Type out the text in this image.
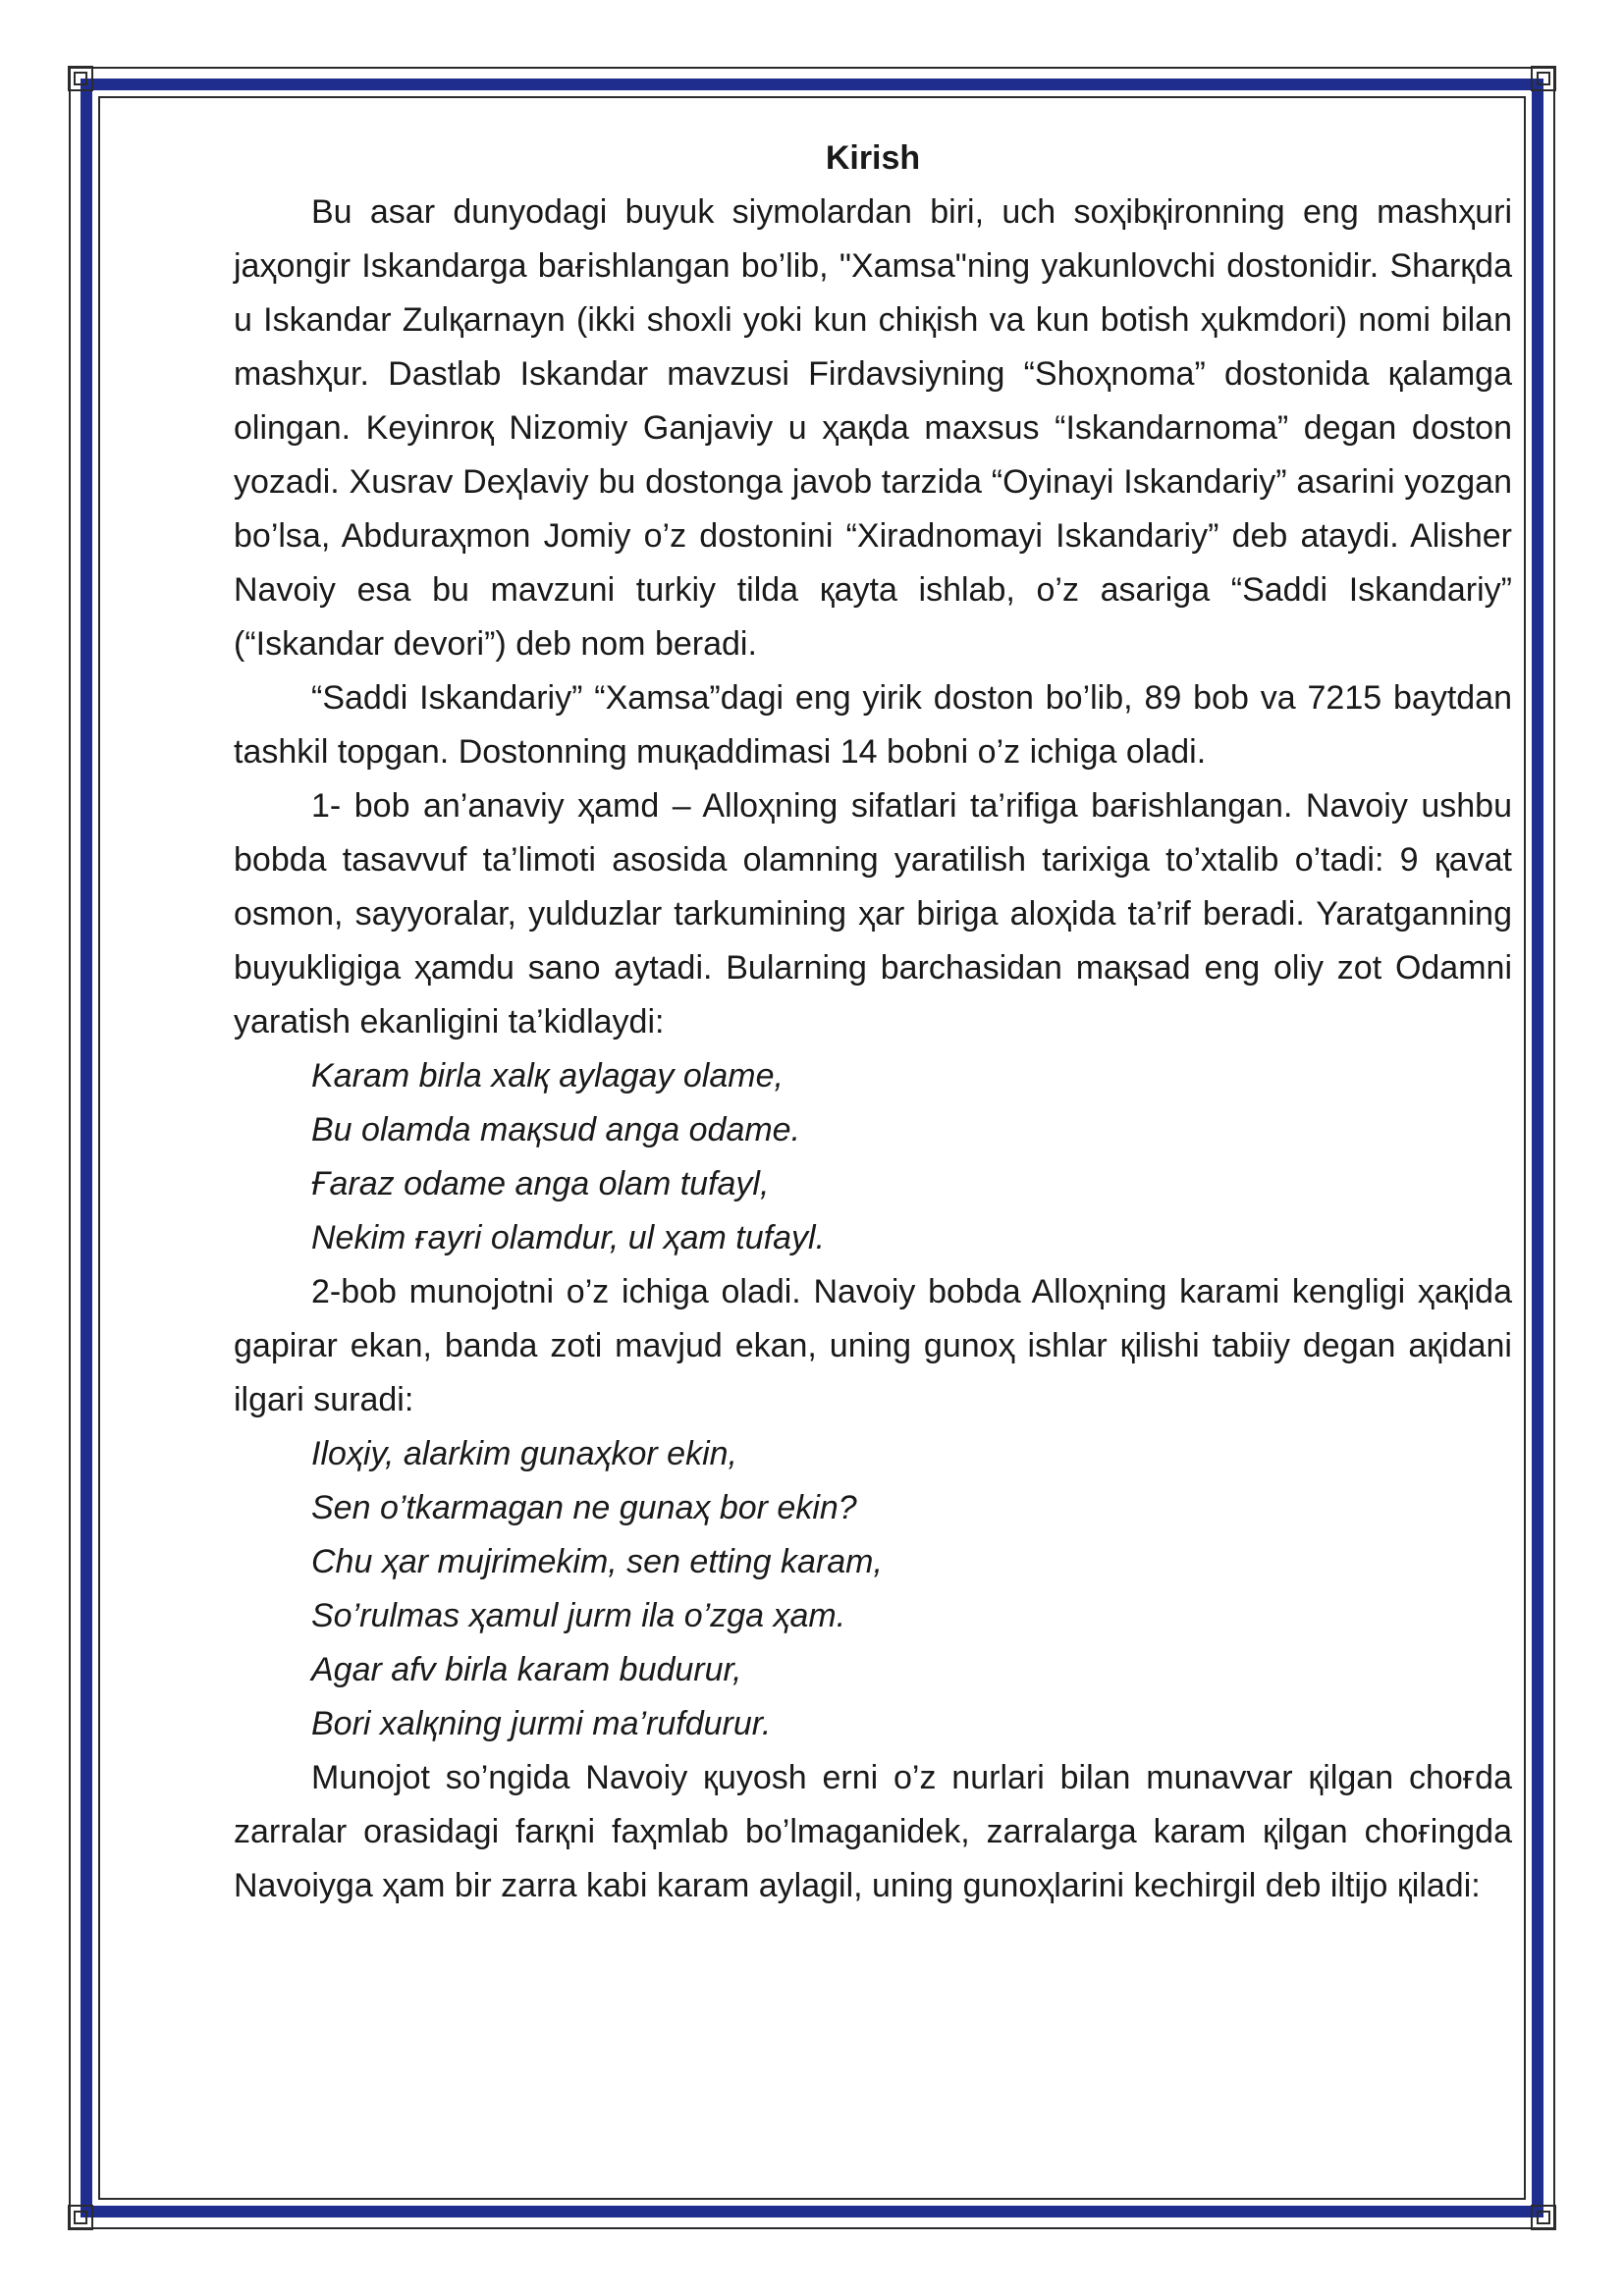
Kirish

Bu asar dunyodagi buyuk siymolardan biri, uch soҳibқironning eng mashҳuri jaҳongir Iskandarga baғishlangan bo’lib, "Xamsa"ning yakunlovchi dostonidir. Sharқda u Iskandar Zulқarnayn (ikki shoxli yoki kun chiқish va kun botish ҳukmdori) nomi bilan mashҳur. Dastlab Iskandar mavzusi Firdavsiyning “Shoҳnoma” dostonida қalamga olingan. Keyinroқ Nizomiy Ganjaviy u ҳaқda maxsus “Iskandarnoma” degan doston yozadi. Xusrav Deҳlaviy bu dostonga javob tarzida “Oyinayi Iskandariy” asarini yozgan bo’lsa, Abduraҳmon Jomiy o’z dostonini “Xiradnomayi Iskandariy” deb ataydi. Alisher Navoiy esa bu mavzuni turkiy tilda қayta ishlab, o’z asariga “Saddi Iskandariy” (“Iskandar devori”) deb nom beradi.

“Saddi Iskandariy” “Xamsa”dagi eng yirik doston bo’lib, 89 bob va 7215 baytdan tashkil topgan. Dostonning muқaddimasi 14 bobni o’z ichiga oladi.

1- bob an’anaviy ҳamd – Alloҳning sifatlari ta’rifiga baғishlangan. Navoiy ushbu bobda tasavvuf ta’limoti asosida olamning yaratilish tarixiga to’xtalib o’tadi: 9 қavat osmon, sayyoralar, yulduzlar tarkumining ҳar biriga aloҳida ta’rif beradi. Yaratganning buyukligiga ҳamdu sano aytadi. Bularning barchasidan maқsad eng oliy zot Odamni yaratish ekanligini ta’kidlaydi:

Karam birla xalқ aylagay olame,

Bu olamda maқsud anga odame.

Ғaraz odame anga olam tufayl,

Nekim ғayri olamdur, ul ҳam tufayl.

2-bob munojotni o’z ichiga oladi. Navoiy bobda Alloҳning karami kengligi ҳaқida gapirar ekan, banda zoti mavjud ekan, uning gunoҳ ishlar қilishi tabiiy degan aқidani ilgari suradi:

Iloҳiy, alarkim gunaҳkor ekin,

Sen o’tkarmagan ne gunaҳ bor ekin?

Chu ҳar mujrimekim, sen etting karam,

So’rulmas ҳamul jurm ila o’zga ҳam.

Agar afv birla karam budurur,

Bori xalқning jurmi ma’rufdurur.

Munojot so’ngida Navoiy қuyosh erni o’z nurlari bilan munavvar қilgan choғda zarralar orasidagi farқni faҳmlab bo’lmaganidek, zarralarga karam қilgan choғingda Navoiyga ҳam bir zarra kabi karam aylagil, uning gunoҳlarini kechirgil deb iltijo қiladi:
